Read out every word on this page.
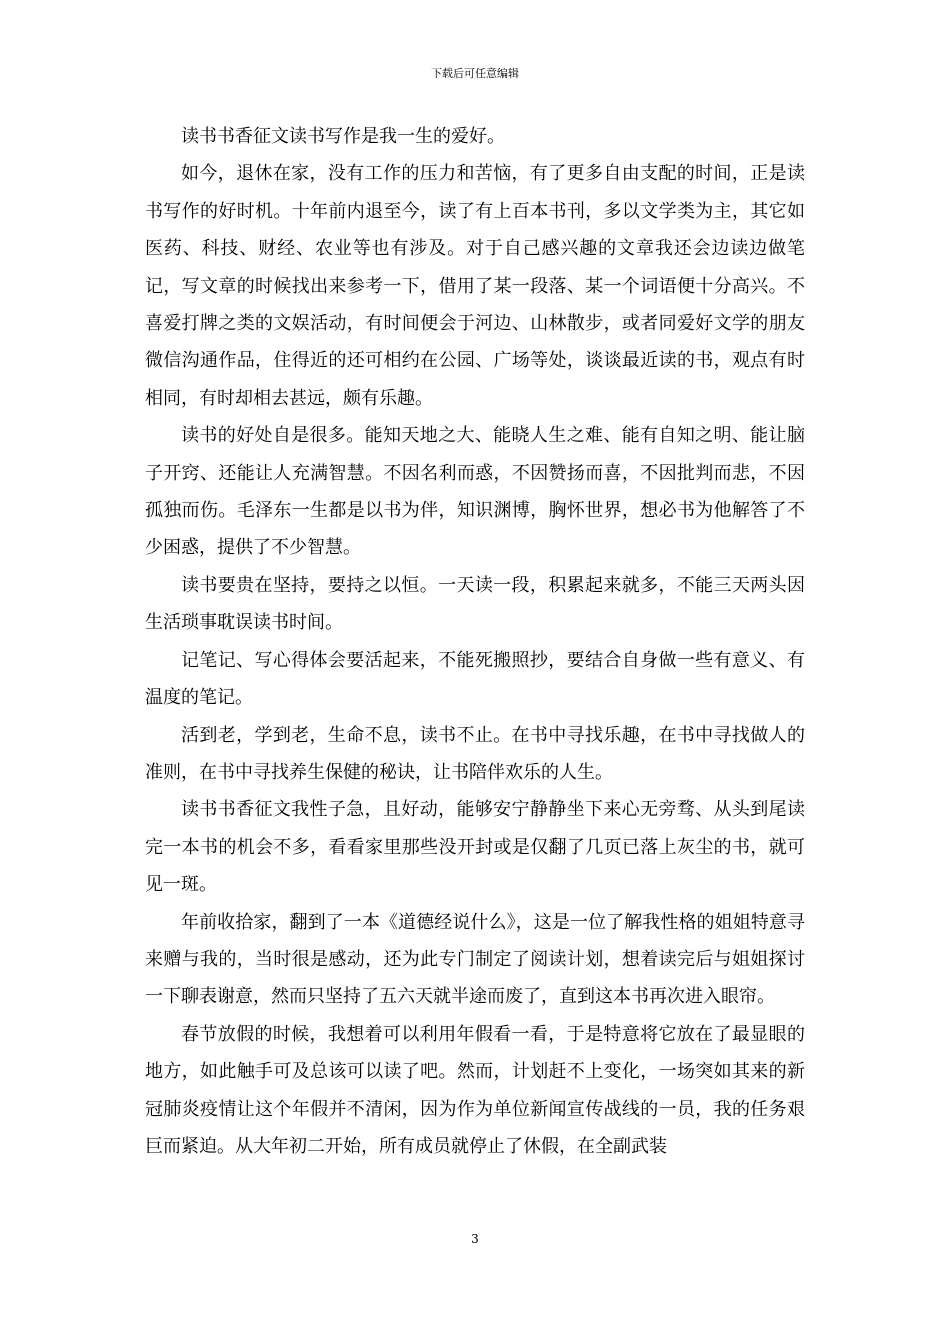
下载后可任意编辑

读书书香征文读书写作是我一生的爱好。

如今，退休在家，没有工作的压力和苦恼，有了更多自由支配的时间，正是读书写作的好时机。十年前内退至今，读了有上百本书刊，多以文学类为主，其它如医药、科技、财经、农业等也有涉及。对于自己感兴趣的文章我还会边读边做笔记，写文章的时候找出来参考一下，借用了某一段落、某一个词语便十分高兴。不喜爱打牌之类的文娱活动，有时间便会于河边、山林散步，或者同爱好文学的朋友微信沟通作品，住得近的还可相约在公园、广场等处，谈谈最近读的书，观点有时相同，有时却相去甚远，颇有乐趣。

读书的好处自是很多。能知天地之大、能晓人生之难、能有自知之明、能让脑子开窍、还能让人充满智慧。不因名利而惑，不因赞扬而喜，不因批判而悲，不因孤独而伤。毛泽东一生都是以书为伴，知识渊博，胸怀世界，想必书为他解答了不少困惑，提供了不少智慧。

读书要贵在坚持，要持之以恒。一天读一段，积累起来就多，不能三天两头因生活琐事耽误读书时间。

记笔记、写心得体会要活起来，不能死搬照抄，要结合自身做一些有意义、有温度的笔记。

活到老，学到老，生命不息，读书不止。在书中寻找乐趣，在书中寻找做人的准则，在书中寻找养生保健的秘诀，让书陪伴欢乐的人生。

读书书香征文我性子急，且好动，能够安宁静静坐下来心无旁骛、从头到尾读完一本书的机会不多，看看家里那些没开封或是仅翻了几页已落上灰尘的书，就可见一斑。

年前收拾家，翻到了一本《道德经说什么》，这是一位了解我性格的姐姐特意寻来赠与我的，当时很是感动，还为此专门制定了阅读计划，想着读完后与姐姐探讨一下聊表谢意，然而只坚持了五六天就半途而废了，直到这本书再次进入眼帘。

春节放假的时候，我想着可以利用年假看一看，于是特意将它放在了最显眼的地方，如此触手可及总该可以读了吧。然而，计划赶不上变化，一场突如其来的新冠肺炎疫情让这个年假并不清闲，因为作为单位新闻宣传战线的一员，我的任务艰巨而紧迫。从大年初二开始，所有成员就停止了休假，在全副武装

3
